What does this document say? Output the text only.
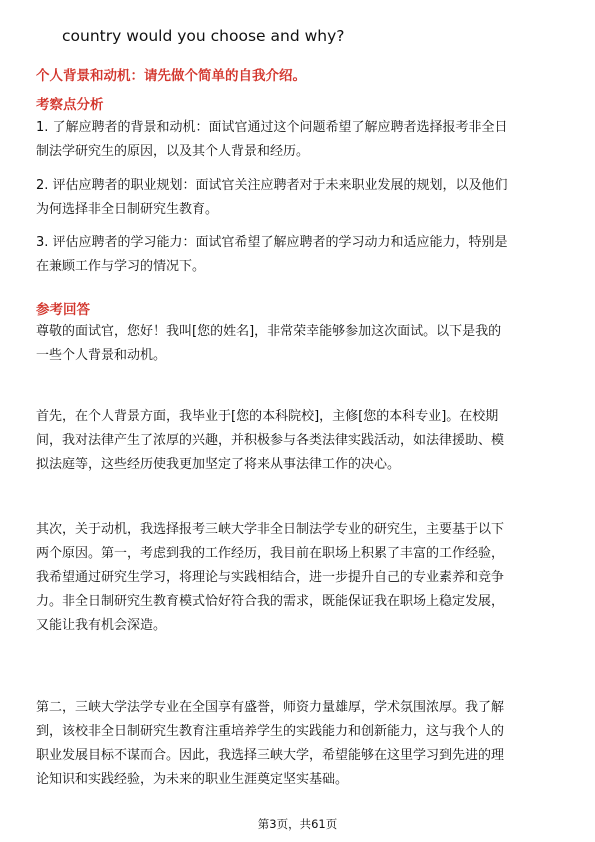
country would you choose and why?
个人背景和动机：请先做个简单的自我介绍。
考察点分析
1. 了解应聘者的背景和动机：面试官通过这个问题希望了解应聘者选择报考非全日
制法学研究生的原因，以及其个人背景和经历。
2. 评估应聘者的职业规划：面试官关注应聘者对于未来职业发展的规划，以及他们
为何选择非全日制研究生教育。
3. 评估应聘者的学习能力：面试官希望了解应聘者的学习动力和适应能力，特别是
在兼顾工作与学习的情况下。
参考回答
尊敬的面试官，您好！我叫[您的姓名]，非常荣幸能够参加这次面试。以下是我的
一些个人背景和动机。
首先，在个人背景方面，我毕业于[您的本科院校]，主修[您的本科专业]。在校期
间，我对法律产生了浓厚的兴趣，并积极参与各类法律实践活动，如法律援助、模
拟法庭等，这些经历使我更加坚定了将来从事法律工作的决心。
其次，关于动机，我选择报考三峡大学非全日制法学专业的研究生，主要基于以下
两个原因。第一，考虑到我的工作经历，我目前在职场上积累了丰富的工作经验，
我希望通过研究生学习，将理论与实践相结合，进一步提升自己的专业素养和竞争
力。非全日制研究生教育模式恰好符合我的需求，既能保证我在职场上稳定发展，
又能让我有机会深造。
第二，三峡大学法学专业在全国享有盛誉，师资力量雄厚，学术氛围浓厚。我了解
到，该校非全日制研究生教育注重培养学生的实践能力和创新能力，这与我个人的
职业发展目标不谋而合。因此，我选择三峡大学，希望能够在这里学习到先进的理
论知识和实践经验，为未来的职业生涯奠定坚实基础。
第3页，共61页
